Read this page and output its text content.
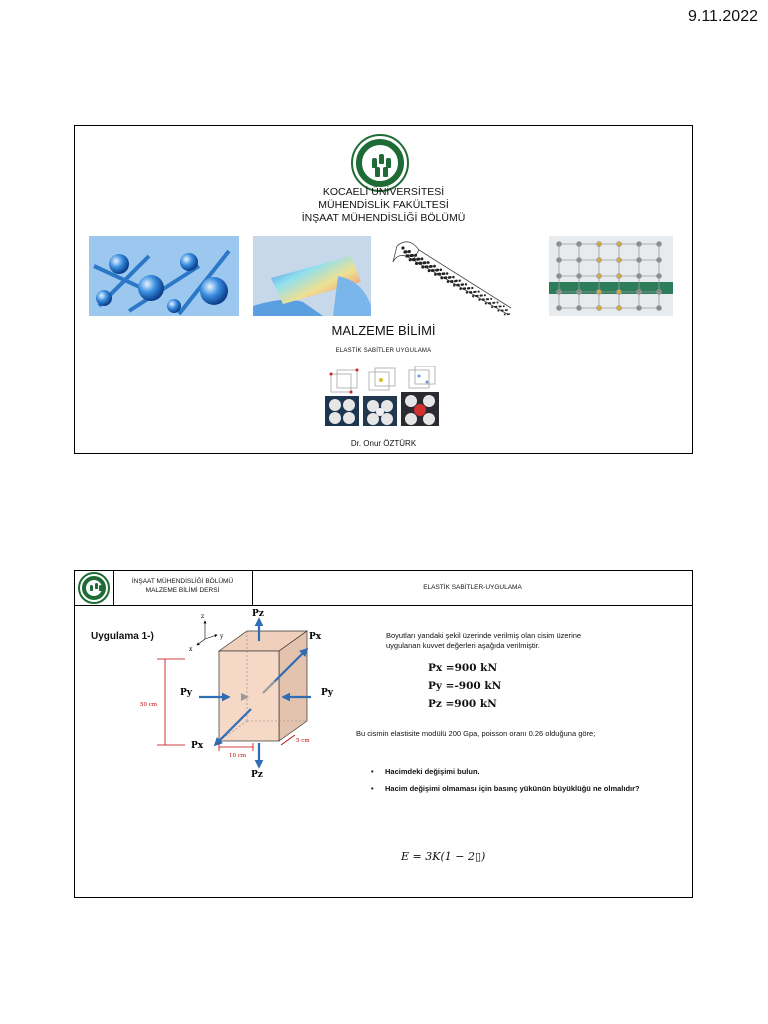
9.11.2022
KOCAELİ ÜNİVERSİTESİ
MÜHENDİSLİK FAKÜLTESİ
İNŞAAT MÜHENDİSLİĞİ BÖLÜMÜ
MALZEME BİLİMİ
ELASTİK SABİTLER UYGULAMA
Dr. Onur ÖZTÜRK
İNŞAAT MÜHENDİSLİĞİ BÖLÜMÜ
MALZEME BİLİMİ DERSİ	ELASTİK SABİTLER-UYGULAMA
Uygulama 1-)
z
y
x
Pz
Px
Py	Py
Px
Pz
50 cm
10 cm
5 cm
Boyutları yandaki şekil üzerinde verilmiş olan cisim üzerine
uygulanan kuvvet değerleri aşağıda verilmiştir.
Px =900 kN
Py =-900 kN
Pz =900 kN
Bu cismin elastisite modülü 200 Gpa, poisson oranı 0.26 olduğuna göre;
• Hacimdeki değişimi bulun.
• Hacim değişimi olmaması için basınç yükünün büyüklüğü ne olmalıdır?
E = 3K(1 − 2▯)
